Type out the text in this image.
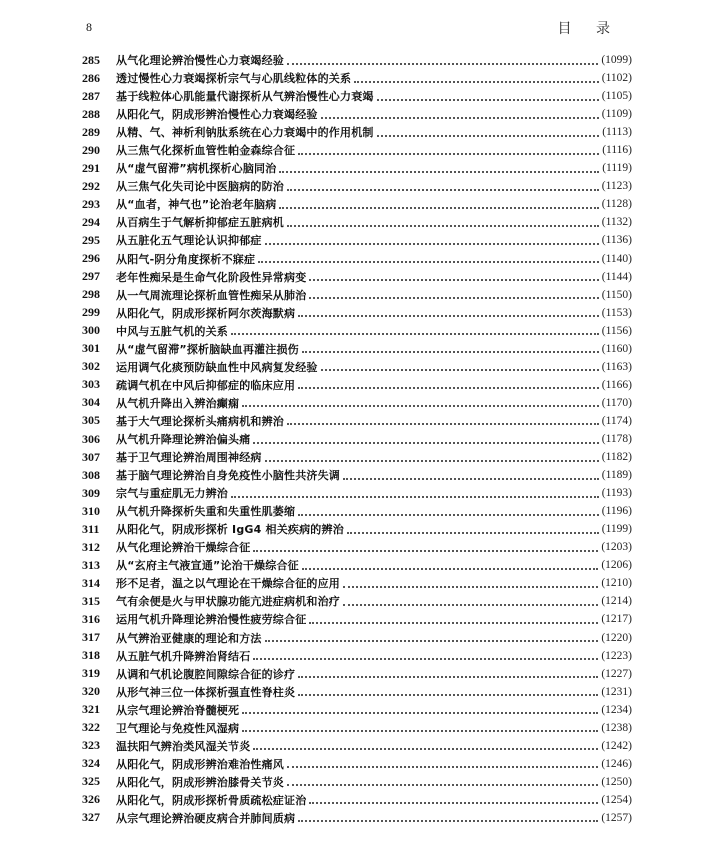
8	目 录
285	从气化理论辨治慢性心力衰竭经验	(1099)
286	透过慢性心力衰竭探析宗气与心肌线粒体的关系	(1102)
287	基于线粒体心肌能量代谢探析从气辨治慢性心力衰竭	(1105)
288	从阳化气，阴成形辨治慢性心力衰竭经验	(1109)
289	从精、气、神析利钠肽系统在心力衰竭中的作用机制	(1113)
290	从三焦气化探析血管性帕金森综合征	(1116)
291	从“虚气留滞”病机探析心脑同治	(1119)
292	从三焦气化失司论中医脑病的防治	(1123)
293	从“血者，神气也”论治老年脑病	(1128)
294	从百病生于气解析抑郁症五脏病机	(1132)
295	从五脏化五气理论认识抑郁症	(1136)
296	从阳气-阴分角度探析不寐症	(1140)
297	老年性痴呆是生命气化阶段性异常病变	(1144)
298	从一气周流理论探析血管性痴呆从肺治	(1150)
299	从阳化气，阴成形探析阿尔茨海默病	(1153)
300	中风与五脏气机的关系	(1156)
301	从“虚气留滞”探析脑缺血再灌注损伤	(1160)
302	运用调气化痰预防缺血性中风病复发经验	(1163)
303	疏调气机在中风后抑郁症的临床应用	(1166)
304	从气机升降出入辨治癫痫	(1170)
305	基于大气理论探析头痛病机和辨治	(1174)
306	从气机升降理论辨治偏头痛	(1178)
307	基于卫气理论辨治周围神经病	(1182)
308	基于脑气理论辨治自身免疫性小脑性共济失调	(1189)
309	宗气与重症肌无力辨治	(1193)
310	从气机升降探析失重和失重性肌萎缩	(1196)
311	从阳化气，阴成形探析 IgG4 相关疾病的辨治	(1199)
312	从气化理论辨治干燥综合征	(1203)
313	从“玄府主气液宣通”论治干燥综合征	(1206)
314	形不足者，温之以气理论在干燥综合征的应用	(1210)
315	气有余便是火与甲状腺功能亢进症病机和治疗	(1214)
316	运用气机升降理论辨治慢性疲劳综合征	(1217)
317	从气辨治亚健康的理论和方法	(1220)
318	从五脏气机升降辨治肾结石	(1223)
319	从调和气机论腹腔间隙综合征的诊疗	(1227)
320	从形气神三位一体探析强直性脊柱炎	(1231)
321	从宗气理论辨治脊髓梗死	(1234)
322	卫气理论与免疫性风湿病	(1238)
323	温扶阳气辨治类风湿关节炎	(1242)
324	从阳化气，阴成形辨治难治性痛风	(1246)
325	从阳化气，阴成形辨治膝骨关节炎	(1250)
326	从阳化气，阴成形探析骨质疏松症证治	(1254)
327	从宗气理论辨治硬皮病合并肺间质病	(1257)
